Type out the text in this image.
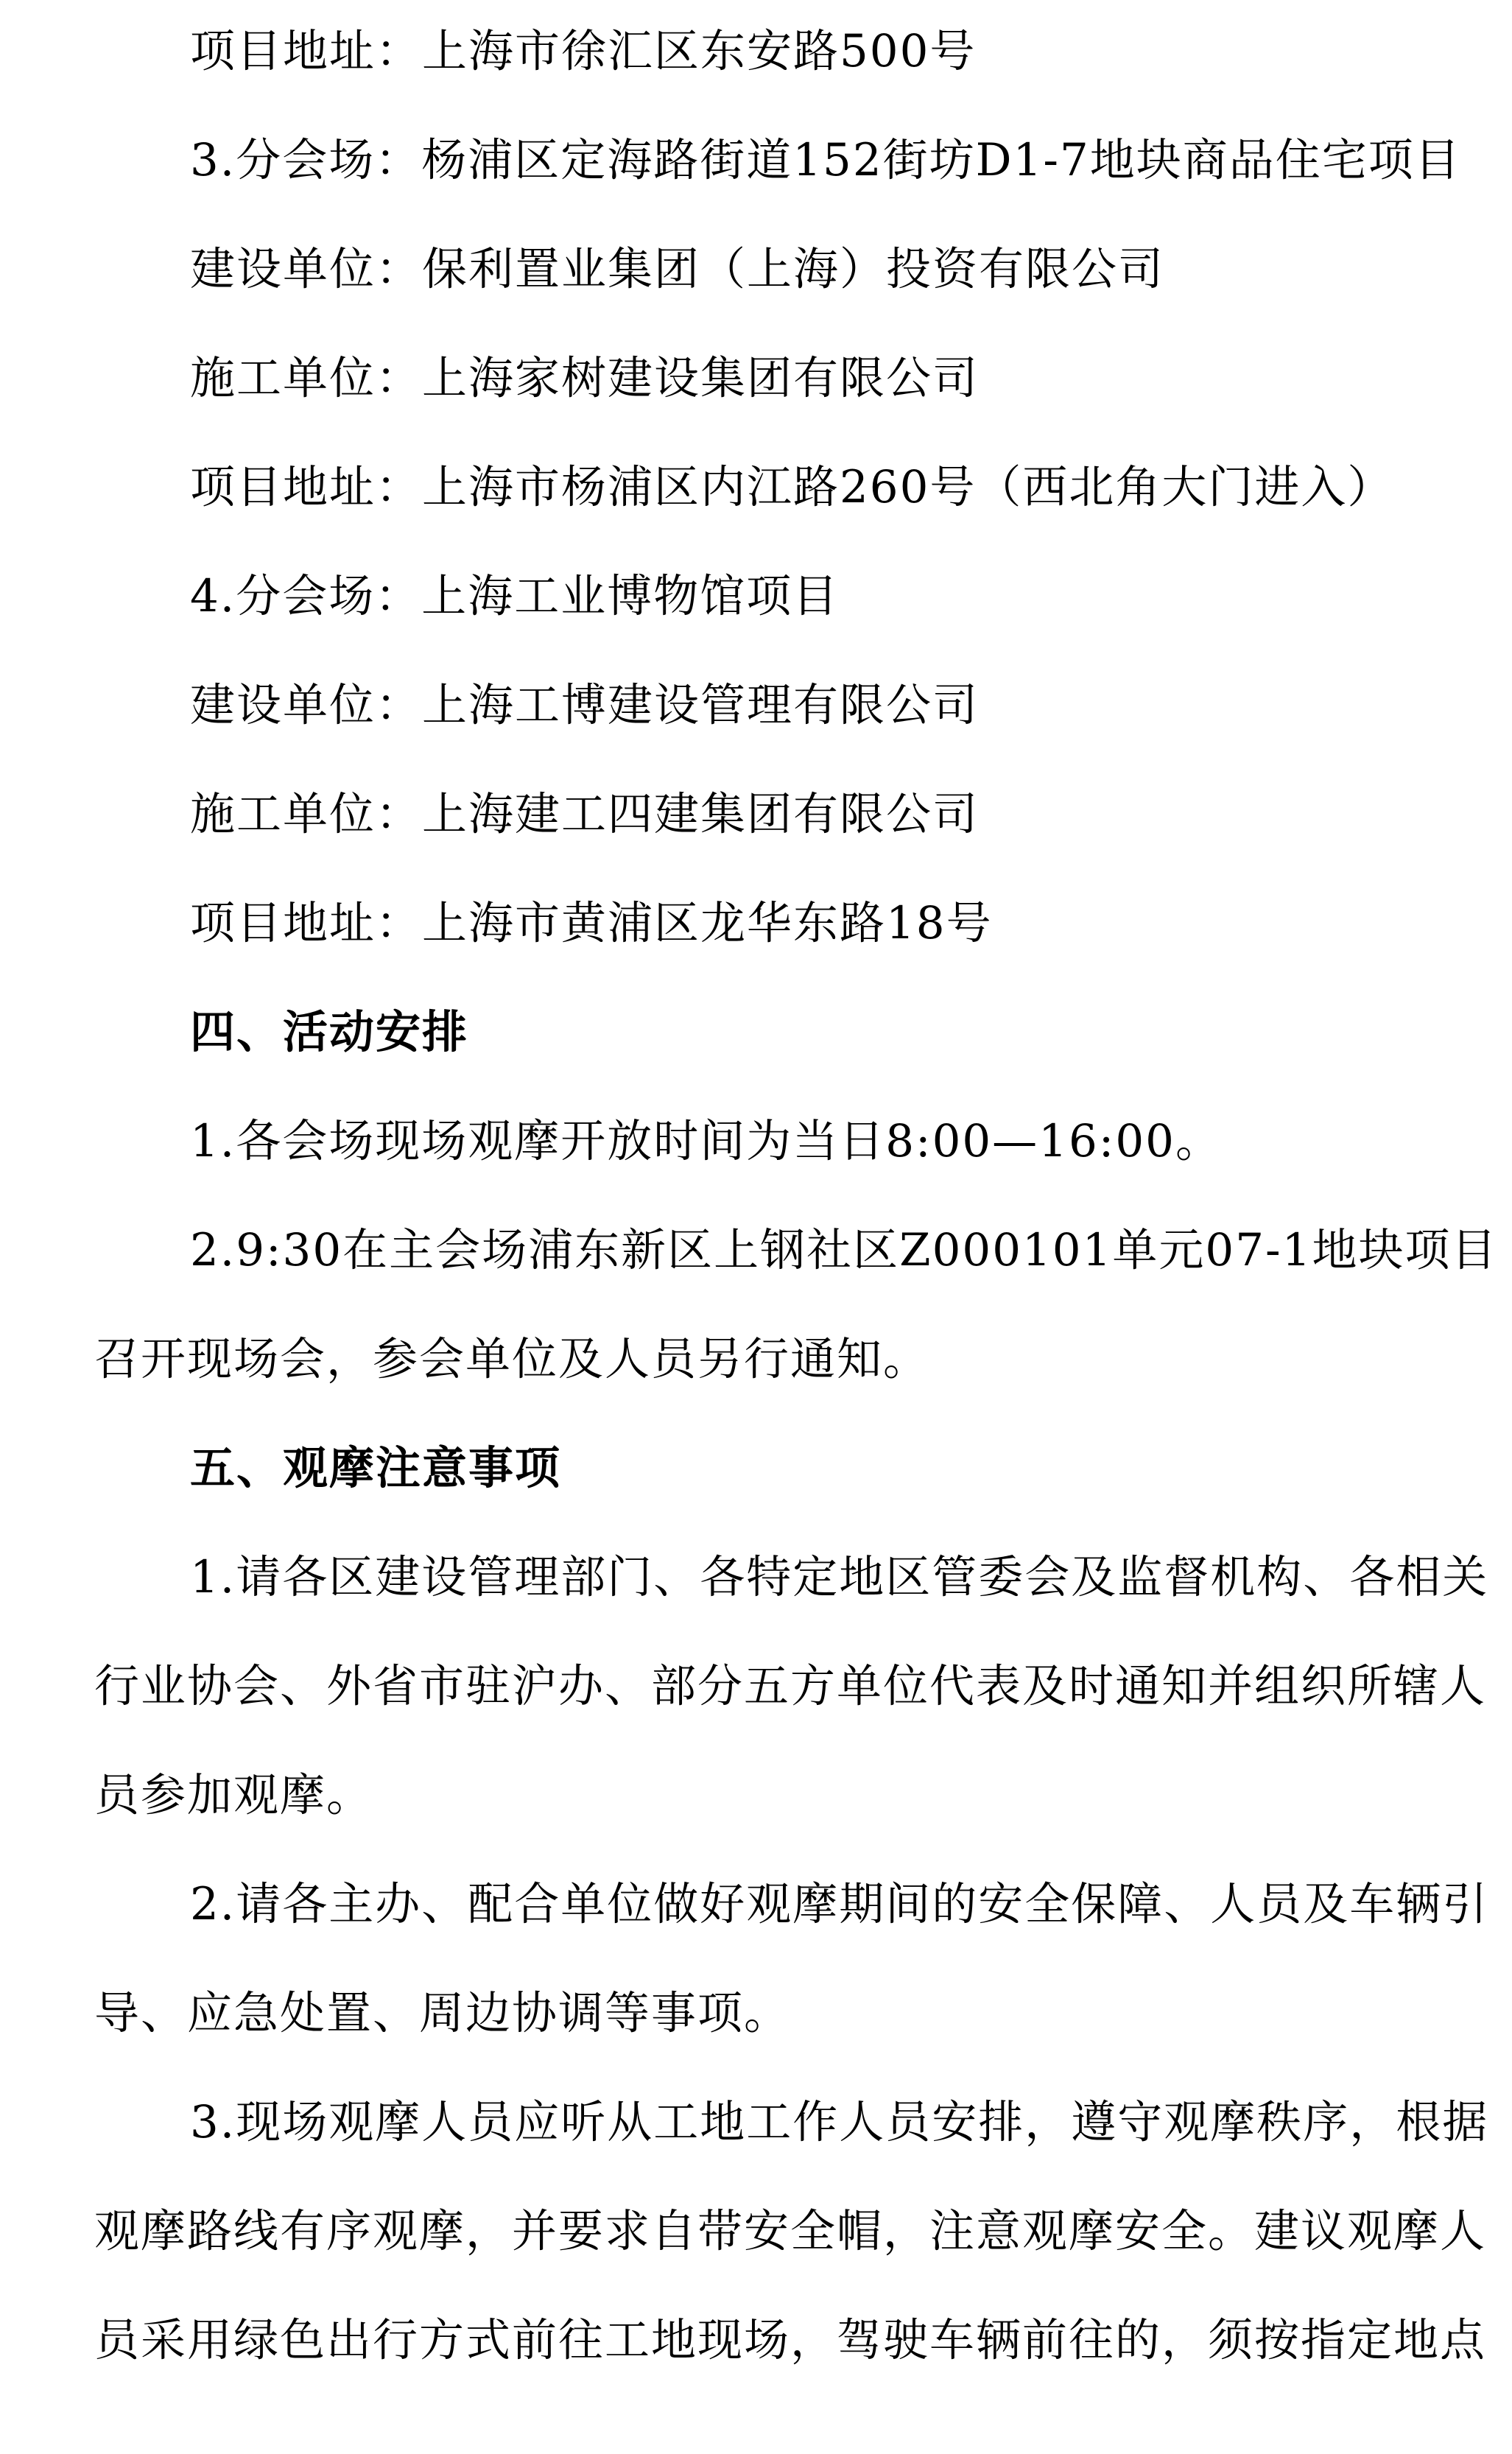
项目地址：上海市徐汇区东安路500号
3.分会场：杨浦区定海路街道152街坊D1-7地块商品住宅项目
建设单位：保利置业集团（上海）投资有限公司
施工单位：上海家树建设集团有限公司
项目地址：上海市杨浦区内江路260号（西北角大门进入）
4.分会场：上海工业博物馆项目
建设单位：上海工博建设管理有限公司
施工单位：上海建工四建集团有限公司
项目地址：上海市黄浦区龙华东路18号
四、活动安排
1.各会场现场观摩开放时间为当日8:00—16:00。
2.9:30在主会场浦东新区上钢社区Z000101单元07-1地块项目
召开现场会，参会单位及人员另行通知。
五、观摩注意事项
1.请各区建设管理部门、各特定地区管委会及监督机构、各相关
行业协会、外省市驻沪办、部分五方单位代表及时通知并组织所辖人
员参加观摩。
2.请各主办、配合单位做好观摩期间的安全保障、人员及车辆引
导、应急处置、周边协调等事项。
3.现场观摩人员应听从工地工作人员安排，遵守观摩秩序，根据
观摩路线有序观摩，并要求自带安全帽，注意观摩安全。建议观摩人
员采用绿色出行方式前往工地现场，驾驶车辆前往的，须按指定地点
